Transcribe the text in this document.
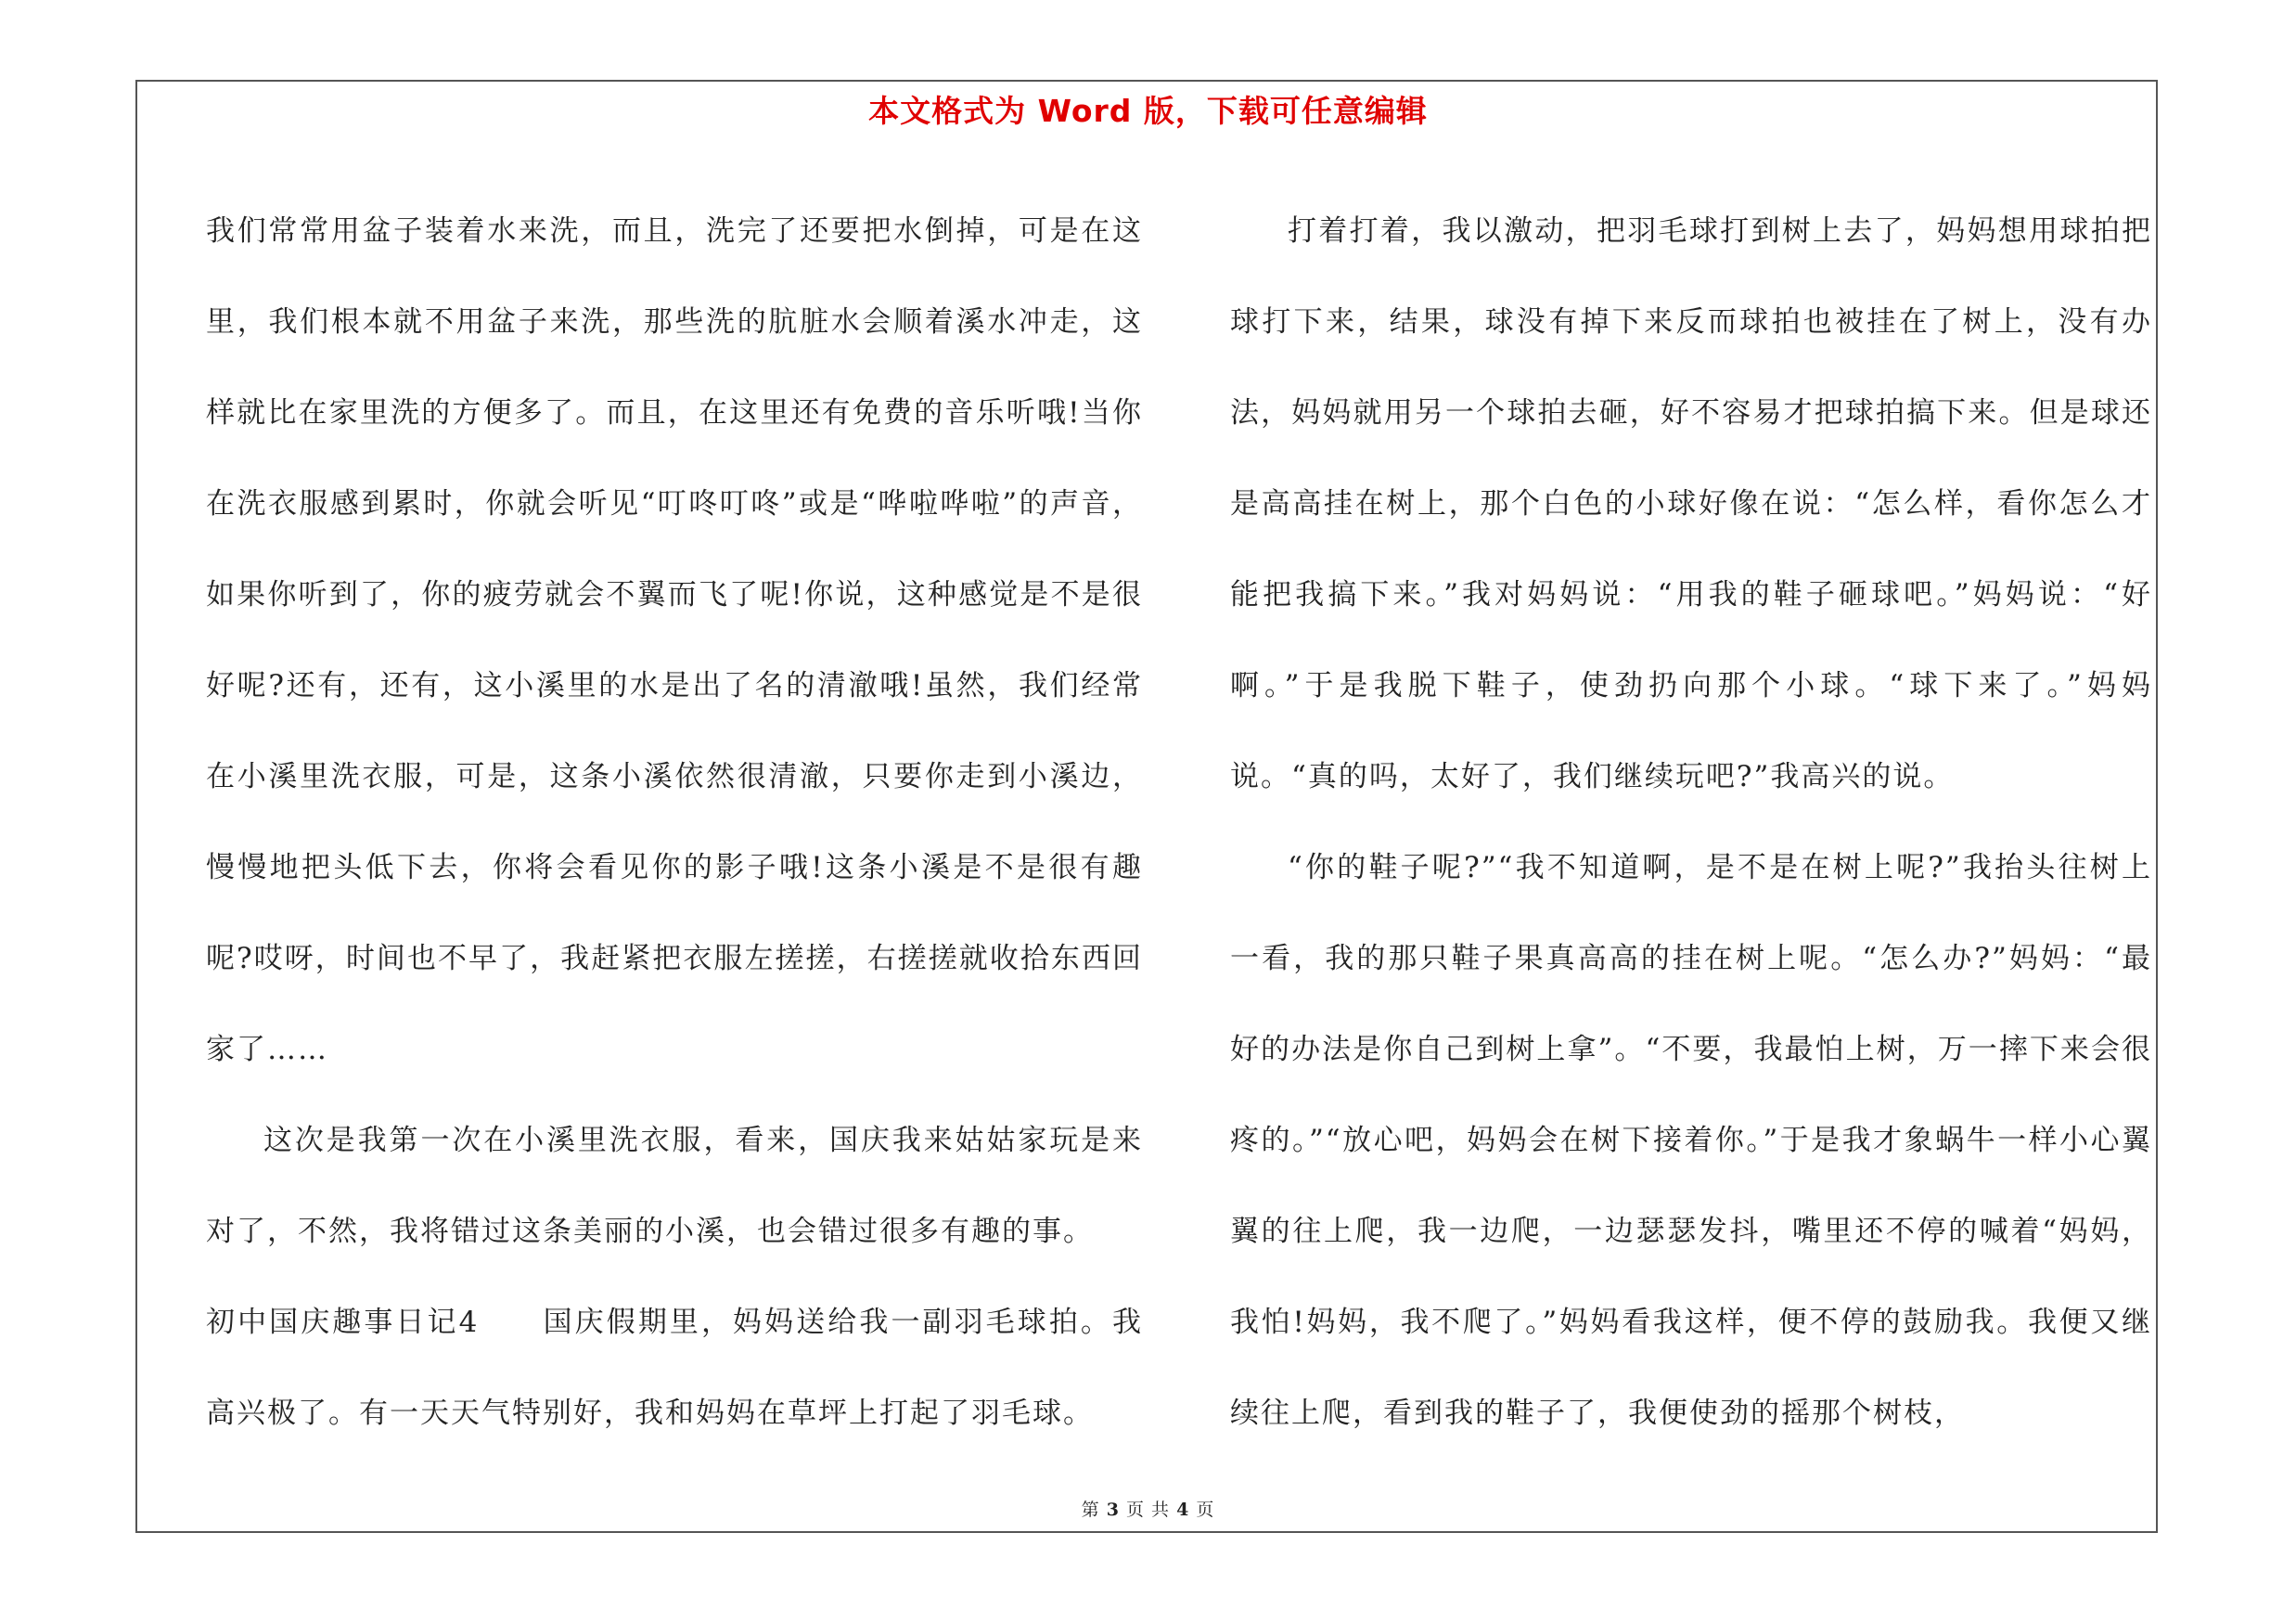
本文格式为 Word 版，下载可任意编辑

我们常常用盆子装着水来洗，而且，洗完了还要把水倒掉，可是在这里，我们根本就不用盆子来洗，那些洗的肮脏水会顺着溪水冲走，这样就比在家里洗的方便多了。而且，在这里还有免费的音乐听哦!当你在洗衣服感到累时，你就会听见“叮咚叮咚”或是“哗啦哗啦”的声音，如果你听到了，你的疲劳就会不翼而飞了呢!你说，这种感觉是不是很好呢?还有，还有，这小溪里的水是出了名的清澈哦!虽然，我们经常在小溪里洗衣服，可是，这条小溪依然很清澈，只要你走到小溪边，慢慢地把头低下去，你将会看见你的影子哦!这条小溪是不是很有趣呢?哎呀，时间也不早了，我赶紧把衣服左搓搓，右搓搓就收拾东西回家了……

这次是我第一次在小溪里洗衣服，看来，国庆我来姑姑家玩是来对了，不然，我将错过这条美丽的小溪，也会错过很多有趣的事。

初中国庆趣事日记4　　国庆假期里，妈妈送给我一副羽毛球拍。我高兴极了。有一天天气特别好，我和妈妈在草坪上打起了羽毛球。

打着打着，我以激动，把羽毛球打到树上去了，妈妈想用球拍把球打下来，结果，球没有掉下来反而球拍也被挂在了树上，没有办法，妈妈就用另一个球拍去砸，好不容易才把球拍搞下来。但是球还是高高挂在树上，那个白色的小球好像在说：“怎么样，看你怎么才能把我搞下来。”我对妈妈说：“用我的鞋子砸球吧。”妈妈说：“好啊。”于是我脱下鞋子，使劲扔向那个小球。“球下来了。”妈妈说。“真的吗，太好了，我们继续玩吧?”我高兴的说。

“你的鞋子呢?”“我不知道啊，是不是在树上呢?”我抬头往树上一看，我的那只鞋子果真高高的挂在树上呢。“怎么办?”妈妈：“最好的办法是你自己到树上拿”。“不要，我最怕上树，万一摔下来会很疼的。”“放心吧，妈妈会在树下接着你。”于是我才象蜗牛一样小心翼翼的往上爬，我一边爬，一边瑟瑟发抖，嘴里还不停的喊着“妈妈，我怕!妈妈，我不爬了。”妈妈看我这样，便不停的鼓励我。我便又继续往上爬，看到我的鞋子了，我便使劲的摇那个树枝，

第 3 页 共 4 页
